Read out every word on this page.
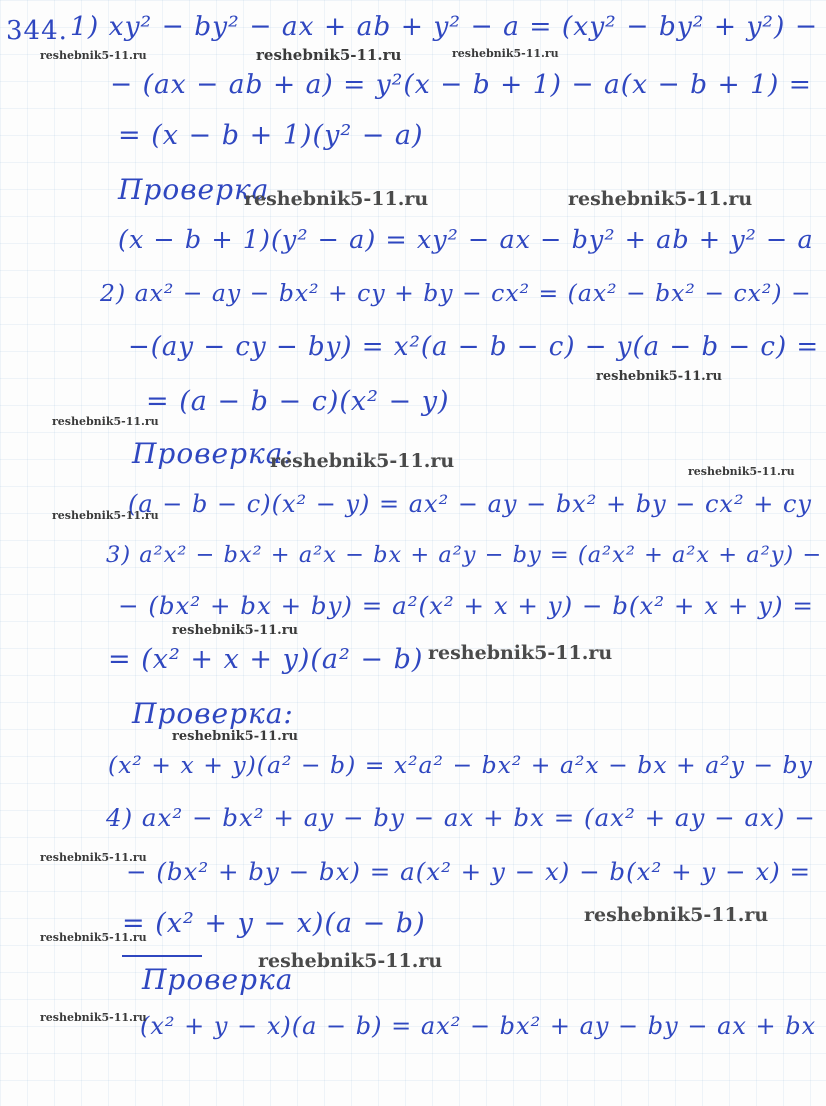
344. 1) xy² − by² − ax + ab + y² − a = (xy² − by² + y²) −
− (ax − ab + a) = y²(x − b + 1) − a(x − b + 1) =
= (x − b + 1)(y² − a)
Проверка
(x − b + 1)(y² − a) = xy² − ax − by² + ab + y² − a
2) ax² − ay − bx² + cy + by − cx² = (ax² − bx² − cx²) −
−(ay − cy − by) = x²(a − b − c) − y(a − b − c) =
= (a − b − c)(x² − y)
Проверка:
(a − b − c)(x² − y) = ax² − ay − bx² + by − cx² + cy
3) a²x² − bx² + a²x − bx + a²y − by = (a²x² + a²x + a²y) −
− (bx² + bx + by) = a²(x² + x + y) − b(x² + x + y) =
= (x² + x + y)(a² − b)
Проверка:
(x² + x + y)(a² − b) = x²a² − bx² + a²x − bx + a²y − by
4) ax² − bx² + ay − by − ax + bx = (ax² + ay − ax) −
− (bx² + by − bx) = a(x² + y − x) − b(x² + y − x) =
= (x² + y − x)(a − b)
Проверка
(x² + y − x)(a − b) = ax² − bx² + ay − by − ax + bx
reshebnik5-11.ru	reshebnik5-11.ru	reshebnik5-11.ru
reshebnik5-11.ru	reshebnik5-11.ru
reshebnik5-11.ru
reshebnik5-11.ru
reshebnik5-11.ru	reshebnik5-11.ru
reshebnik5-11.ru
reshebnik5-11.ru
reshebnik5-11.ru
reshebnik5-11.ru
reshebnik5-11.ru
reshebnik5-11.ru
reshebnik5-11.ru
reshebnik5-11.ru
reshebnik5-11.ru
